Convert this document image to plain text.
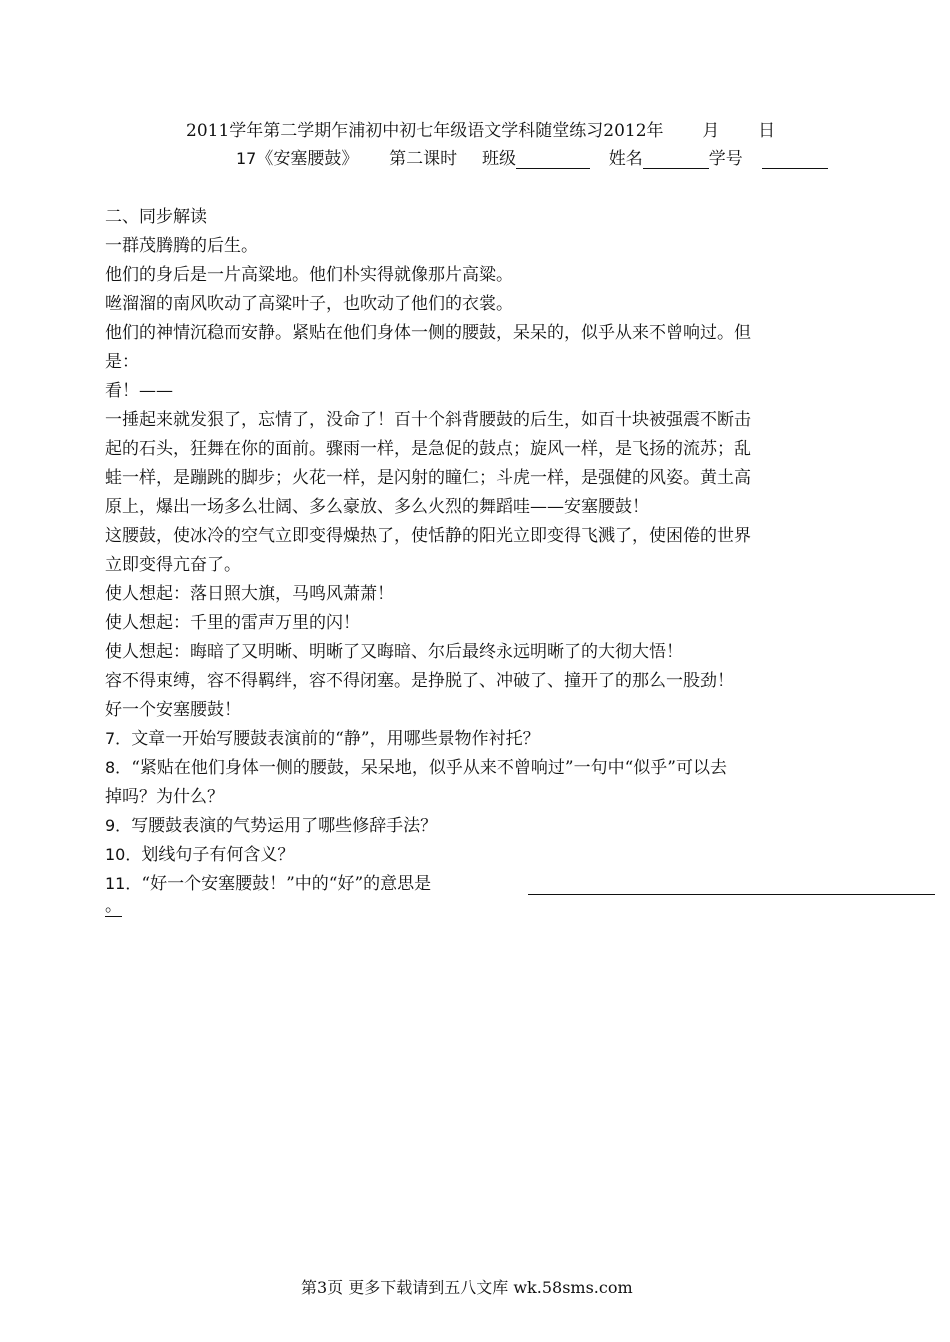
2011学年第二学期乍浦初中初七年级语文学科随堂练习2012年 月 日
17《安塞腰鼓》 第二课时 班级	姓名	学号
二、同步解读
一群茂腾腾的后生。
他们的身后是一片高粱地。他们朴实得就像那片高粱。
咝溜溜的南风吹动了高粱叶子，也吹动了他们的衣裳。
他们的神情沉稳而安静。紧贴在他们身体一侧的腰鼓，呆呆的，似乎从来不曾响过。但
是：
看！——
一捶起来就发狠了，忘情了，没命了！百十个斜背腰鼓的后生，如百十块被强震不断击
起的石头，狂舞在你的面前。骤雨一样，是急促的鼓点；旋风一样，是飞扬的流苏；乱
蛙一样，是蹦跳的脚步；火花一样，是闪射的瞳仁；斗虎一样，是强健的风姿。黄土高
原上，爆出一场多么壮阔、多么豪放、多么火烈的舞蹈哇——安塞腰鼓！
这腰鼓，使冰冷的空气立即变得燥热了，使恬静的阳光立即变得飞溅了，使困倦的世界
立即变得亢奋了。
使人想起：落日照大旗，马鸣风萧萧！
使人想起：千里的雷声万里的闪！
使人想起：晦暗了又明晰、明晰了又晦暗、尔后最终永远明晰了的大彻大悟！
容不得束缚，容不得羁绊，容不得闭塞。是挣脱了、冲破了、撞开了的那么一股劲！
好一个安塞腰鼓！
7．文章一开始写腰鼓表演前的“静”，用哪些景物作衬托？
8．“紧贴在他们身体一侧的腰鼓，呆呆地，似乎从来不曾响过”一句中“似乎”可以去
掉吗？为什么？
9．写腰鼓表演的气势运用了哪些修辞手法？
10．划线句子有何含义？
11．“好一个安塞腰鼓！”中的“好”的意思是
。
第3页 更多下载请到五八文库 wk.58sms.com
